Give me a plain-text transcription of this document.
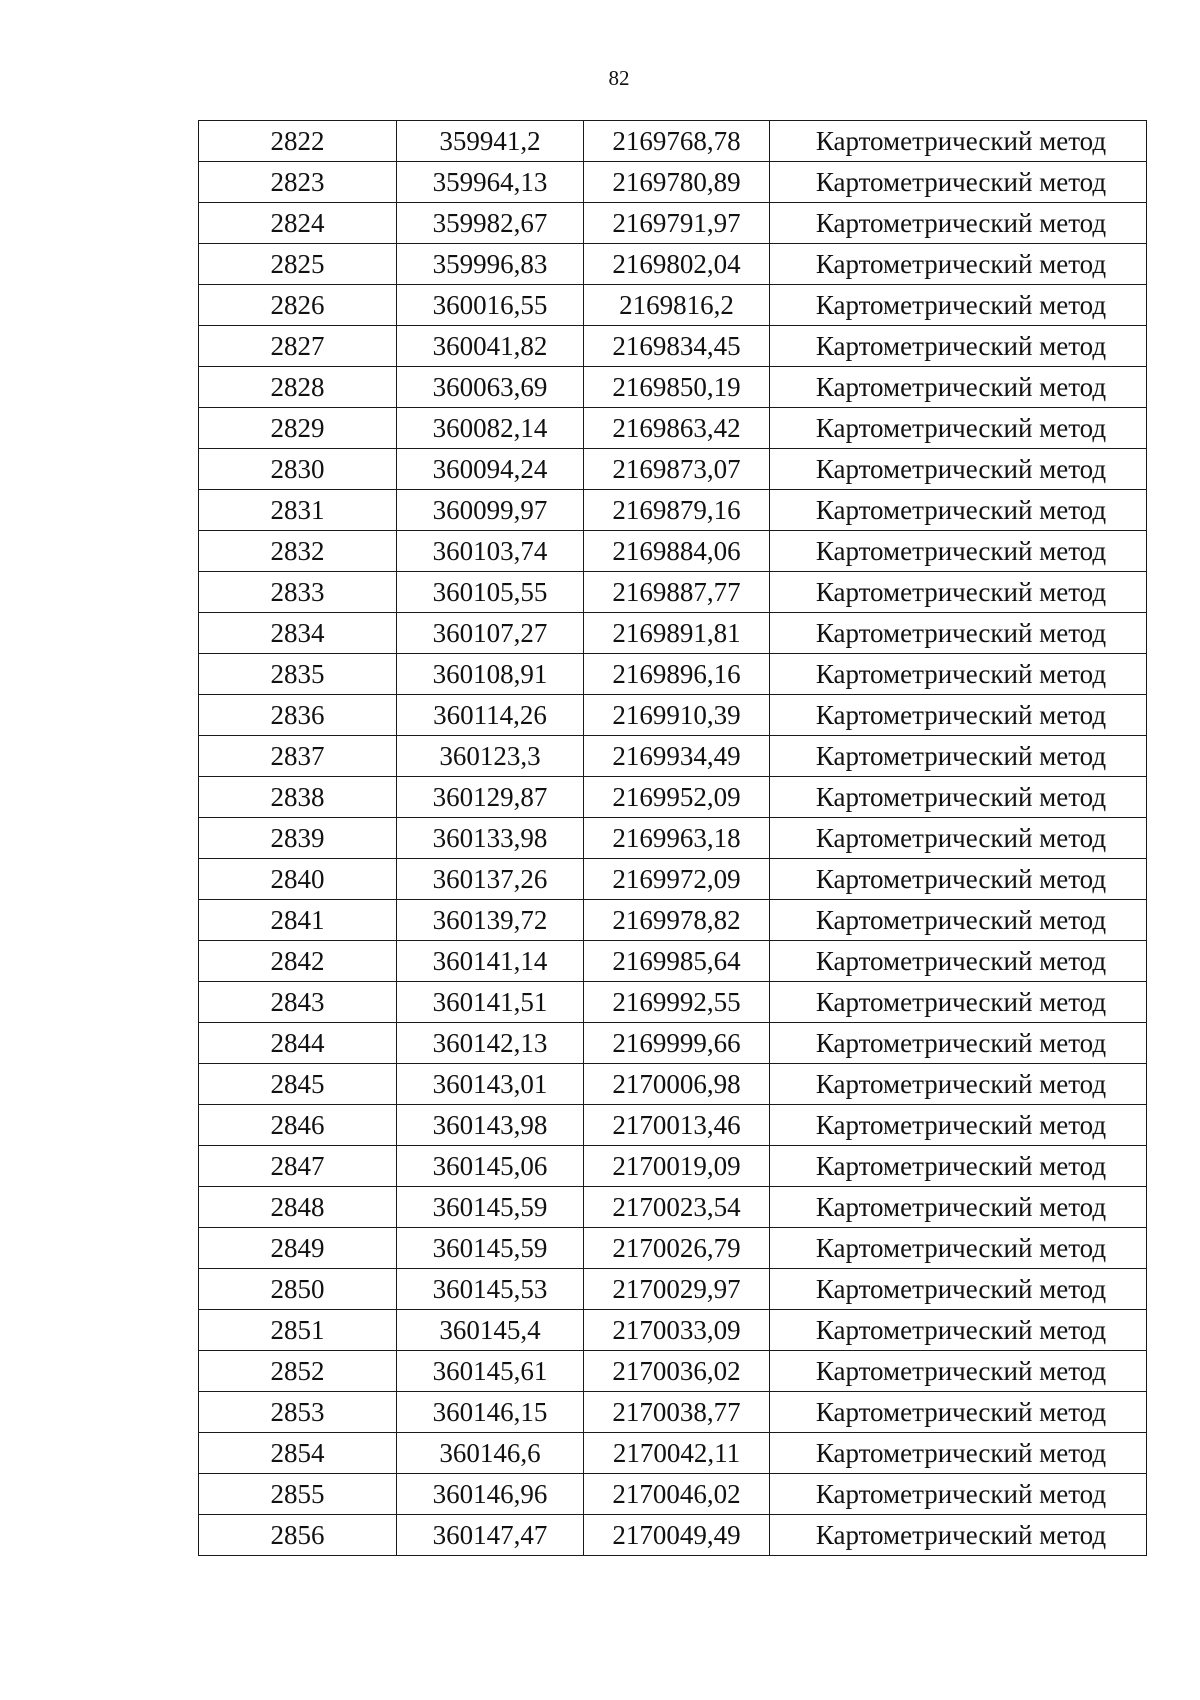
82
2822	359941,2	2169768,78	Картометрический метод
2823	359964,13	2169780,89	Картометрический метод
2824	359982,67	2169791,97	Картометрический метод
2825	359996,83	2169802,04	Картометрический метод
2826	360016,55	2169816,2	Картометрический метод
2827	360041,82	2169834,45	Картометрический метод
2828	360063,69	2169850,19	Картометрический метод
2829	360082,14	2169863,42	Картометрический метод
2830	360094,24	2169873,07	Картометрический метод
2831	360099,97	2169879,16	Картометрический метод
2832	360103,74	2169884,06	Картометрический метод
2833	360105,55	2169887,77	Картометрический метод
2834	360107,27	2169891,81	Картометрический метод
2835	360108,91	2169896,16	Картометрический метод
2836	360114,26	2169910,39	Картометрический метод
2837	360123,3	2169934,49	Картометрический метод
2838	360129,87	2169952,09	Картометрический метод
2839	360133,98	2169963,18	Картометрический метод
2840	360137,26	2169972,09	Картометрический метод
2841	360139,72	2169978,82	Картометрический метод
2842	360141,14	2169985,64	Картометрический метод
2843	360141,51	2169992,55	Картометрический метод
2844	360142,13	2169999,66	Картометрический метод
2845	360143,01	2170006,98	Картометрический метод
2846	360143,98	2170013,46	Картометрический метод
2847	360145,06	2170019,09	Картометрический метод
2848	360145,59	2170023,54	Картометрический метод
2849	360145,59	2170026,79	Картометрический метод
2850	360145,53	2170029,97	Картометрический метод
2851	360145,4	2170033,09	Картометрический метод
2852	360145,61	2170036,02	Картометрический метод
2853	360146,15	2170038,77	Картометрический метод
2854	360146,6	2170042,11	Картометрический метод
2855	360146,96	2170046,02	Картометрический метод
2856	360147,47	2170049,49	Картометрический метод
